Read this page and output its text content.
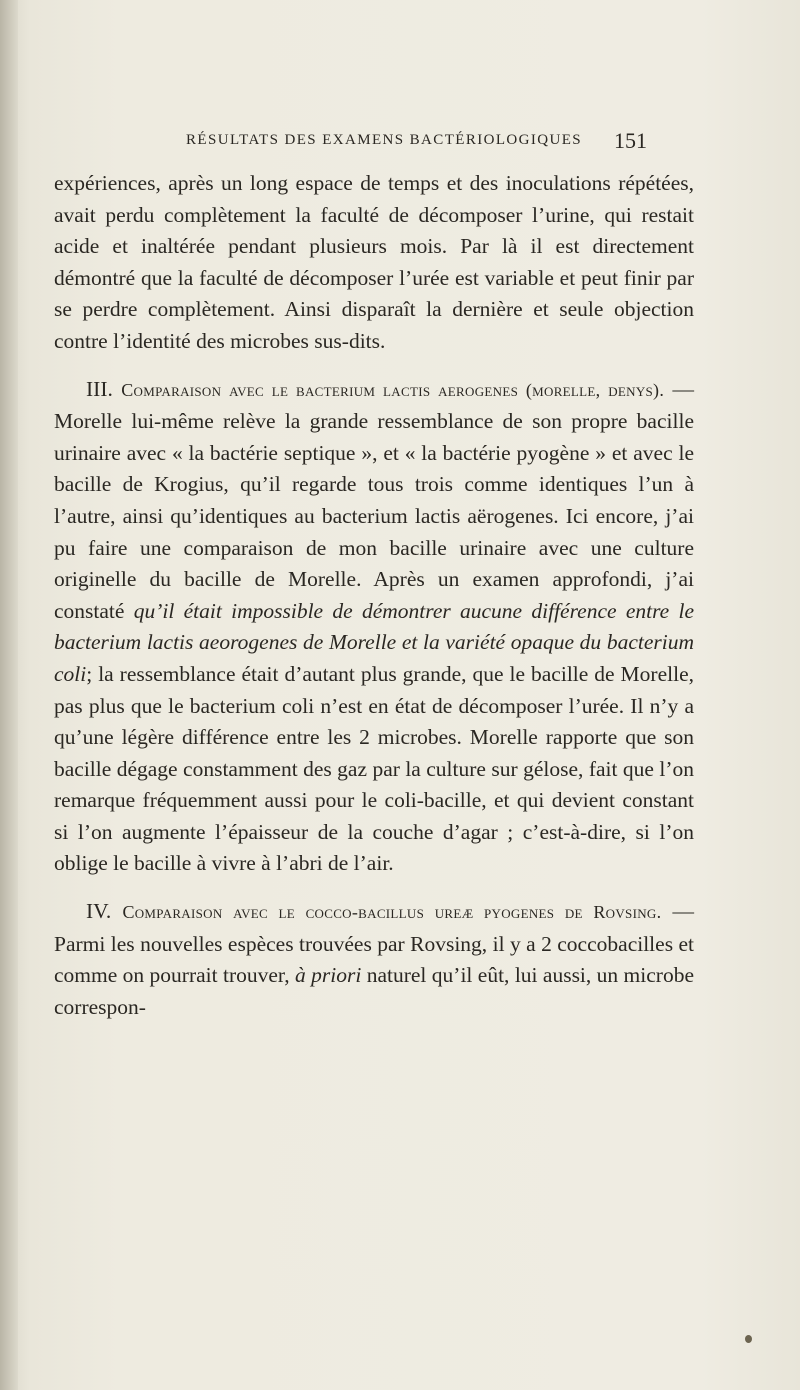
RÉSULTATS DES EXAMENS BACTÉRIOLOGIQUES 151

expériences, après un long espace de temps et des inoculations répétées, avait perdu complètement la faculté de décomposer l’urine, qui restait acide et inaltérée pendant plusieurs mois. Par là il est directement démontré que la faculté de décomposer l’urée est variable et peut finir par se perdre complètement. Ainsi disparaît la dernière et seule objection contre l’identité des microbes sus-dits.

III. Comparaison avec le bacterium lactis aerogenes (morelle, denys). — Morelle lui-même relève la grande ressemblance de son propre bacille urinaire avec « la bactérie septique », et « la bactérie pyogène » et avec le bacille de Krogius, qu’il regarde tous trois comme identiques l’un à l’autre, ainsi qu’identiques au bacterium lactis aërogenes. Ici encore, j’ai pu faire une comparaison de mon bacille urinaire avec une culture originelle du bacille de Morelle. Après un examen approfondi, j’ai constaté qu’il était impossible de démontrer aucune différence entre le bacterium lactis aeorogenes de Morelle et la variété opaque du bacterium coli; la ressemblance était d’autant plus grande, que le bacille de Morelle, pas plus que le bacterium coli n’est en état de décomposer l’urée. Il n’y a qu’une légère différence entre les 2 microbes. Morelle rapporte que son bacille dégage constamment des gaz par la culture sur gélose, fait que l’on remarque fréquemment aussi pour le coli-bacille, et qui devient constant si l’on augmente l’épaisseur de la couche d’agar ; c’est-à-dire, si l’on oblige le bacille à vivre à l’abri de l’air.

IV. Comparaison avec le cocco-bacillus ureæ pyogenes de Rovsing. — Parmi les nouvelles espèces trouvées par Rovsing, il y a 2 coccobacilles et comme on pourrait trouver, à priori naturel qu’il eût, lui aussi, un microbe correspon-
